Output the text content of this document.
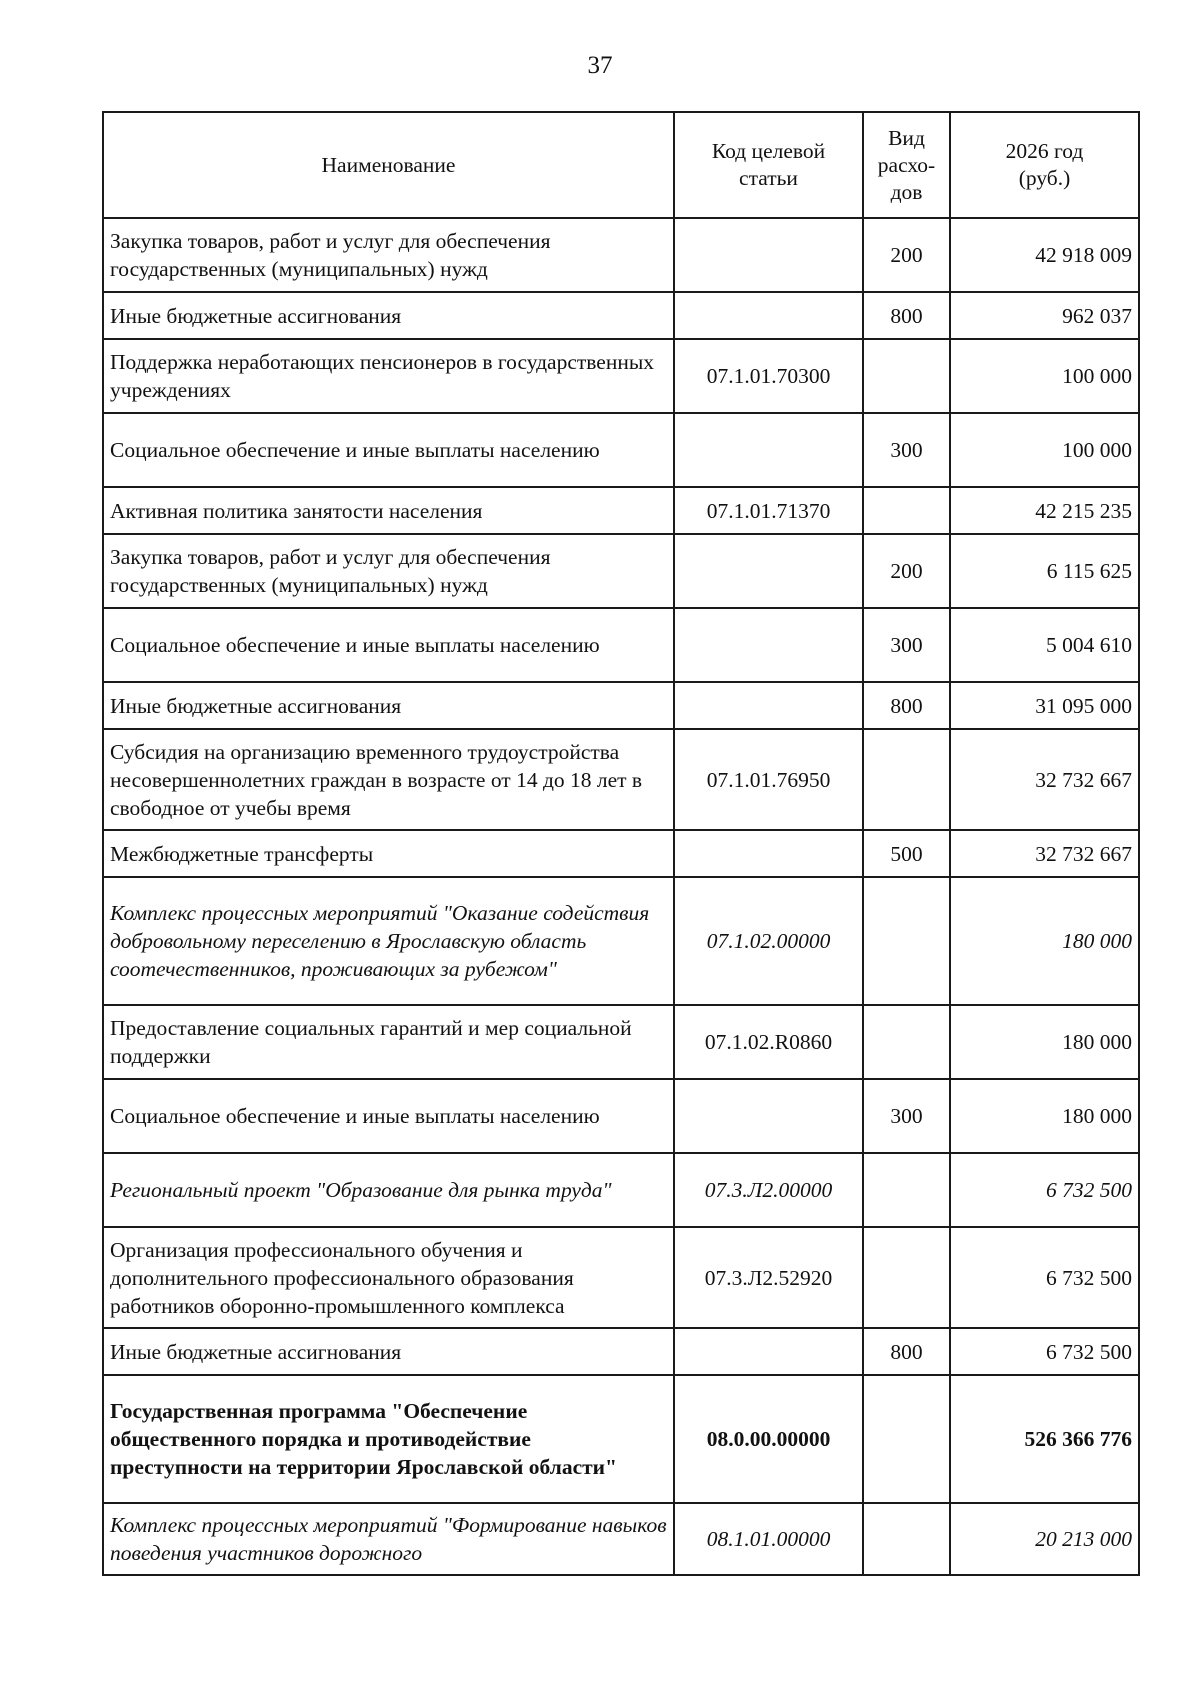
37
Наименование	Код целевой статьи	Вид расхо-дов	2026 год (руб.)
Закупка товаров, работ и услуг для обеспечения государственных (муниципальных) нужд		200	42 918 009
Иные бюджетные ассигнования		800	962 037
Поддержка неработающих пенсионеров в государственных учреждениях	07.1.01.70300		100 000
Социальное обеспечение и иные выплаты населению		300	100 000
Активная политика занятости населения	07.1.01.71370		42 215 235
Закупка товаров, работ и услуг для обеспечения государственных (муниципальных) нужд		200	6 115 625
Социальное обеспечение и иные выплаты населению		300	5 004 610
Иные бюджетные ассигнования		800	31 095 000
Субсидия на организацию временного трудоустройства несовершеннолетних граждан в возрасте от 14 до 18 лет в свободное от учебы время	07.1.01.76950		32 732 667
Межбюджетные трансферты		500	32 732 667
Комплекс процессных мероприятий "Оказание содействия добровольному переселению в Ярославскую область соотечественников, проживающих за рубежом"	07.1.02.00000		180 000
Предоставление социальных гарантий и мер социальной поддержки	07.1.02.R0860		180 000
Социальное обеспечение и иные выплаты населению		300	180 000
Региональный проект "Образование для рынка труда"	07.3.Л2.00000		6 732 500
Организация профессионального обучения и дополнительного профессионального образования работников оборонно-промышленного комплекса	07.3.Л2.52920		6 732 500
Иные бюджетные ассигнования		800	6 732 500
Государственная программа "Обеспечение общественного порядка и противодействие преступности на территории Ярославской области"	08.0.00.00000		526 366 776
Комплекс процессных мероприятий "Формирование навыков поведения участников дорожного	08.1.01.00000		20 213 000
